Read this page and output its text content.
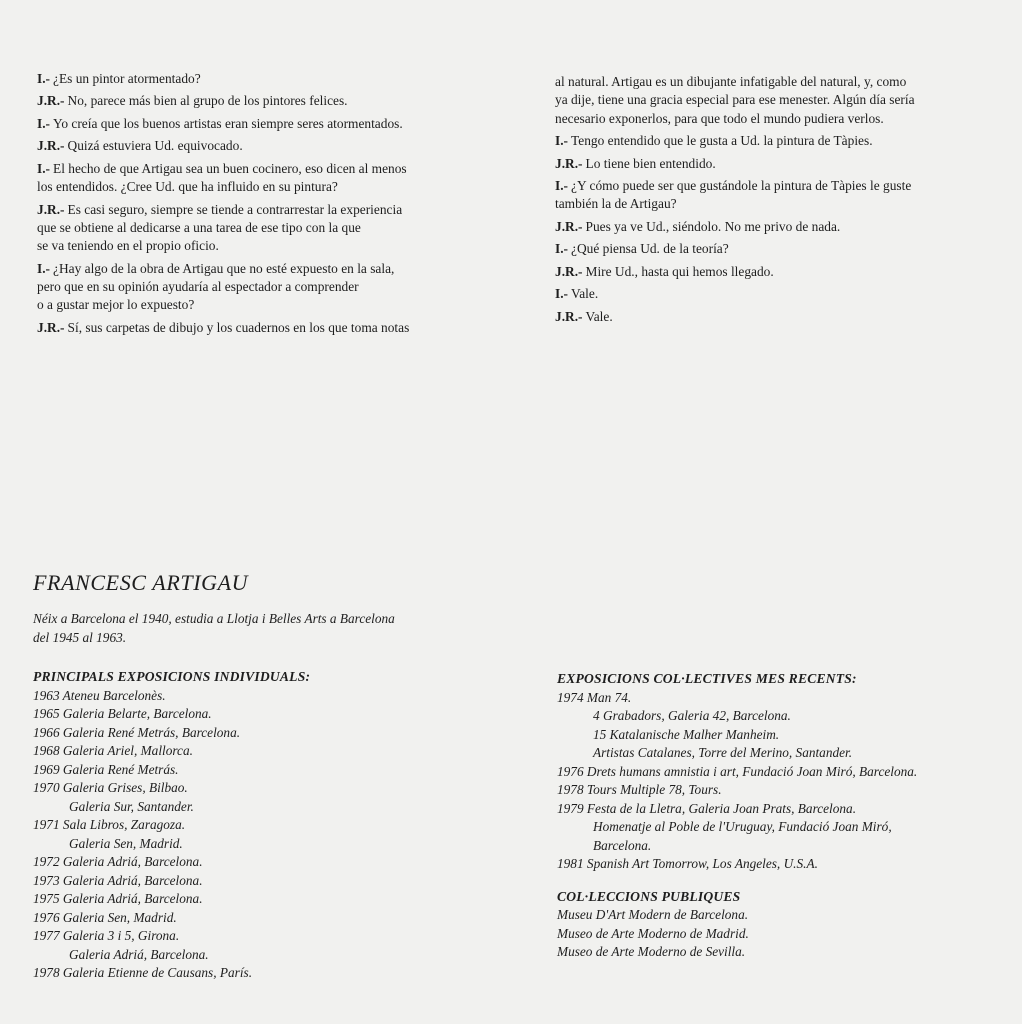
I.- ¿Es un pintor atormentado?
J.R.- No, parece más bien al grupo de los pintores felices.
I.- Yo creía que los buenos artistas eran siempre seres atormentados.
J.R.- Quizá estuviera Ud. equivocado.
I.- El hecho de que Artigau sea un buen cocinero, eso dicen al menos
los entendidos. ¿Cree Ud. que ha influido en su pintura?
J.R.- Es casi seguro, siempre se tiende a contrarrestar la experiencia
que se obtiene al dedicarse a una tarea de ese tipo con la que
se va teniendo en el propio oficio.
I.- ¿Hay algo de la obra de Artigau que no esté expuesto en la sala,
pero que en su opinión ayudaría al espectador a comprender
o a gustar mejor lo expuesto?
J.R.- Sí, sus carpetas de dibujo y los cuadernos en los que toma notas
al natural. Artigau es un dibujante infatigable del natural, y, como
ya dije, tiene una gracia especial para ese menester. Algún día sería
necesario exponerlos, para que todo el mundo pudiera verlos.
I.- Tengo entendido que le gusta a Ud. la pintura de Tàpies.
J.R.- Lo tiene bien entendido.
I.- ¿Y cómo puede ser que gustándole la pintura de Tàpies le guste
también la de Artigau?
J.R.- Pues ya ve Ud., siéndolo. No me privo de nada.
I.- ¿Qué piensa Ud. de la teoría?
J.R.- Mire Ud., hasta qui hemos llegado.
I.- Vale.
J.R.- Vale.
FRANCESC ARTIGAU
Néix a Barcelona el 1940, estudia a Llotja i Belles Arts a Barcelona
del 1945 al 1963.
PRINCIPALS EXPOSICIONS INDIVIDUALS:
1963 Ateneu Barcelonès.
1965 Galeria Belarte, Barcelona.
1966 Galeria René Metrás, Barcelona.
1968 Galeria Ariel, Mallorca.
1969 Galeria René Metrás.
1970 Galeria Grises, Bilbao.
Galeria Sur, Santander.
1971 Sala Libros, Zaragoza.
Galeria Sen, Madrid.
1972 Galeria Adriá, Barcelona.
1973 Galeria Adriá, Barcelona.
1975 Galeria Adriá, Barcelona.
1976 Galeria Sen, Madrid.
1977 Galeria 3 i 5, Girona.
Galeria Adriá, Barcelona.
1978 Galeria Etienne de Causans, París.
EXPOSICIONS COL·LECTIVES MES RECENTS:
1974 Man 74.
4 Grabadors, Galeria 42, Barcelona.
15 Katalanische Malher Manheim.
Artistas Catalanes, Torre del Merino, Santander.
1976 Drets humans amnistia i art, Fundació Joan Miró, Barcelona.
1978 Tours Multiple 78, Tours.
1979 Festa de la Lletra, Galeria Joan Prats, Barcelona.
Homenatje al Poble de l'Uruguay, Fundació Joan Miró,
Barcelona.
1981 Spanish Art Tomorrow, Los Angeles, U.S.A.
COL·LECCIONS PUBLIQUES
Museu D'Art Modern de Barcelona.
Museo de Arte Moderno de Madrid.
Museo de Arte Moderno de Sevilla.
